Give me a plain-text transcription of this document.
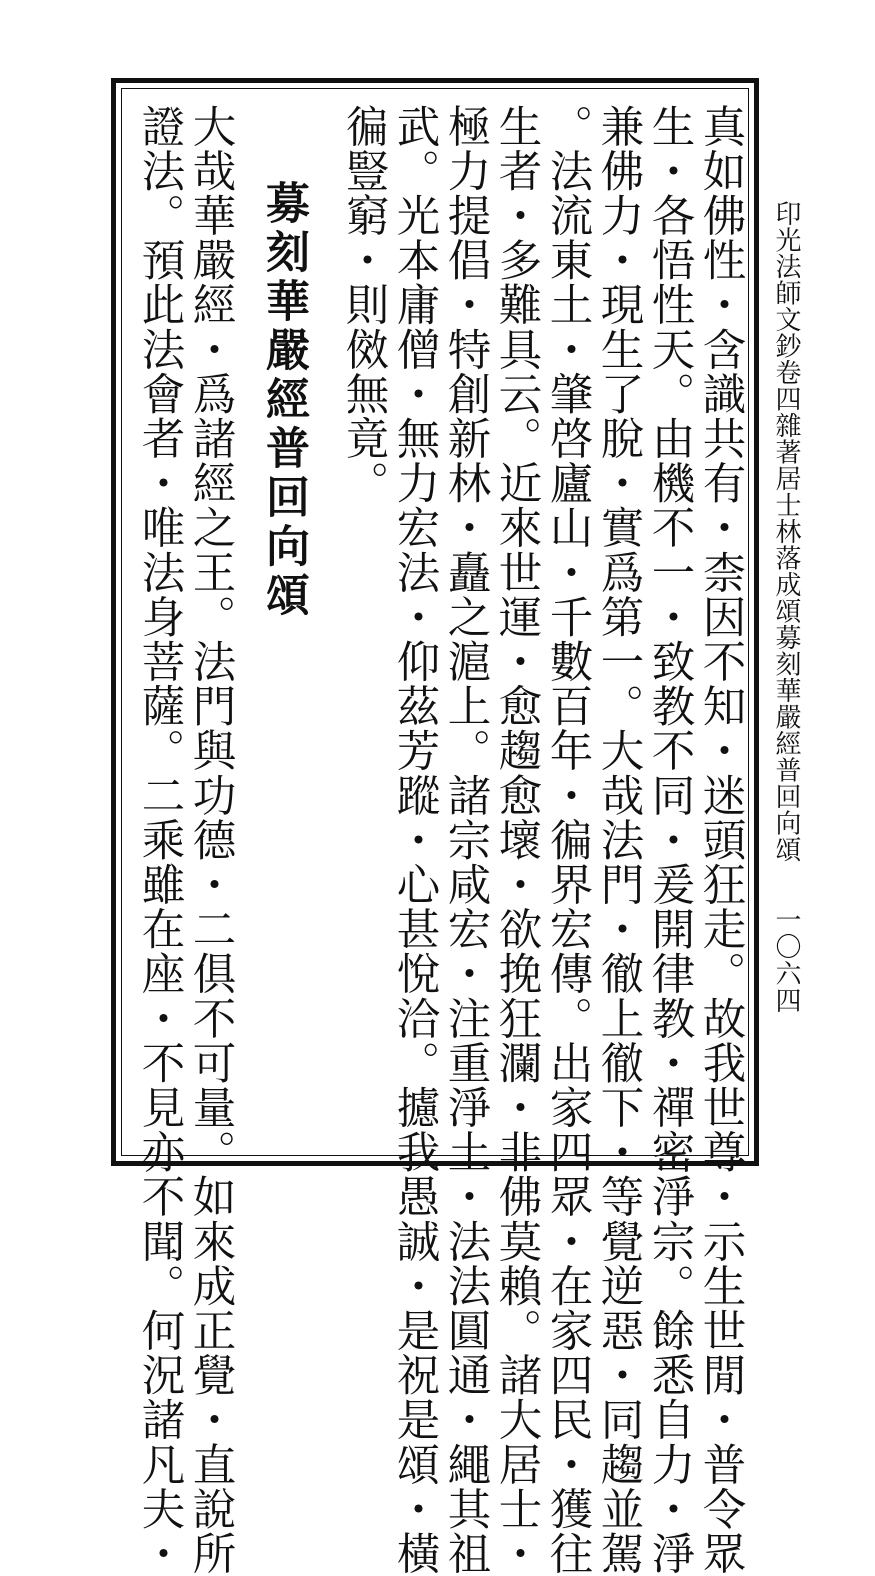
印光法師文鈔卷四雜著居士林落成頌募刻華嚴經普回向頌
一〇六四
真如佛性・含識共有・柰因不知・迷頭狂走。故我世尊・示生世閒・普令眾
生・各悟性天。由機不一・致教不同・爰開律教・禪密淨宗。餘悉自力・淨
兼佛力・現生了脫・實爲第一。大哉法門・徹上徹下・等覺逆惡・同趨並駕
。法流東土・肇啓廬山・千數百年・徧界宏傳。出家四眾・在家四民・獲往
生者・多難具云。近來世運・愈趨愈壞・欲挽狂瀾・非佛莫賴。諸大居士・
極力提倡・特創新林・矗之滬上。諸宗咸宏・注重淨土・法法圓通・繩其祖
武。光本庸僧・無力宏法・仰茲芳蹤・心甚悅洽。攄我愚誠・是祝是頌・橫
徧豎窮・則傚無竟。
募刻華嚴經普回向頌
大哉華嚴經・爲諸經之王。法門與功德・二俱不可量。如來成正覺・直說所
證法。預此法會者・唯法身菩薩。二乘雖在座・不見亦不聞。何況諸凡夫・
